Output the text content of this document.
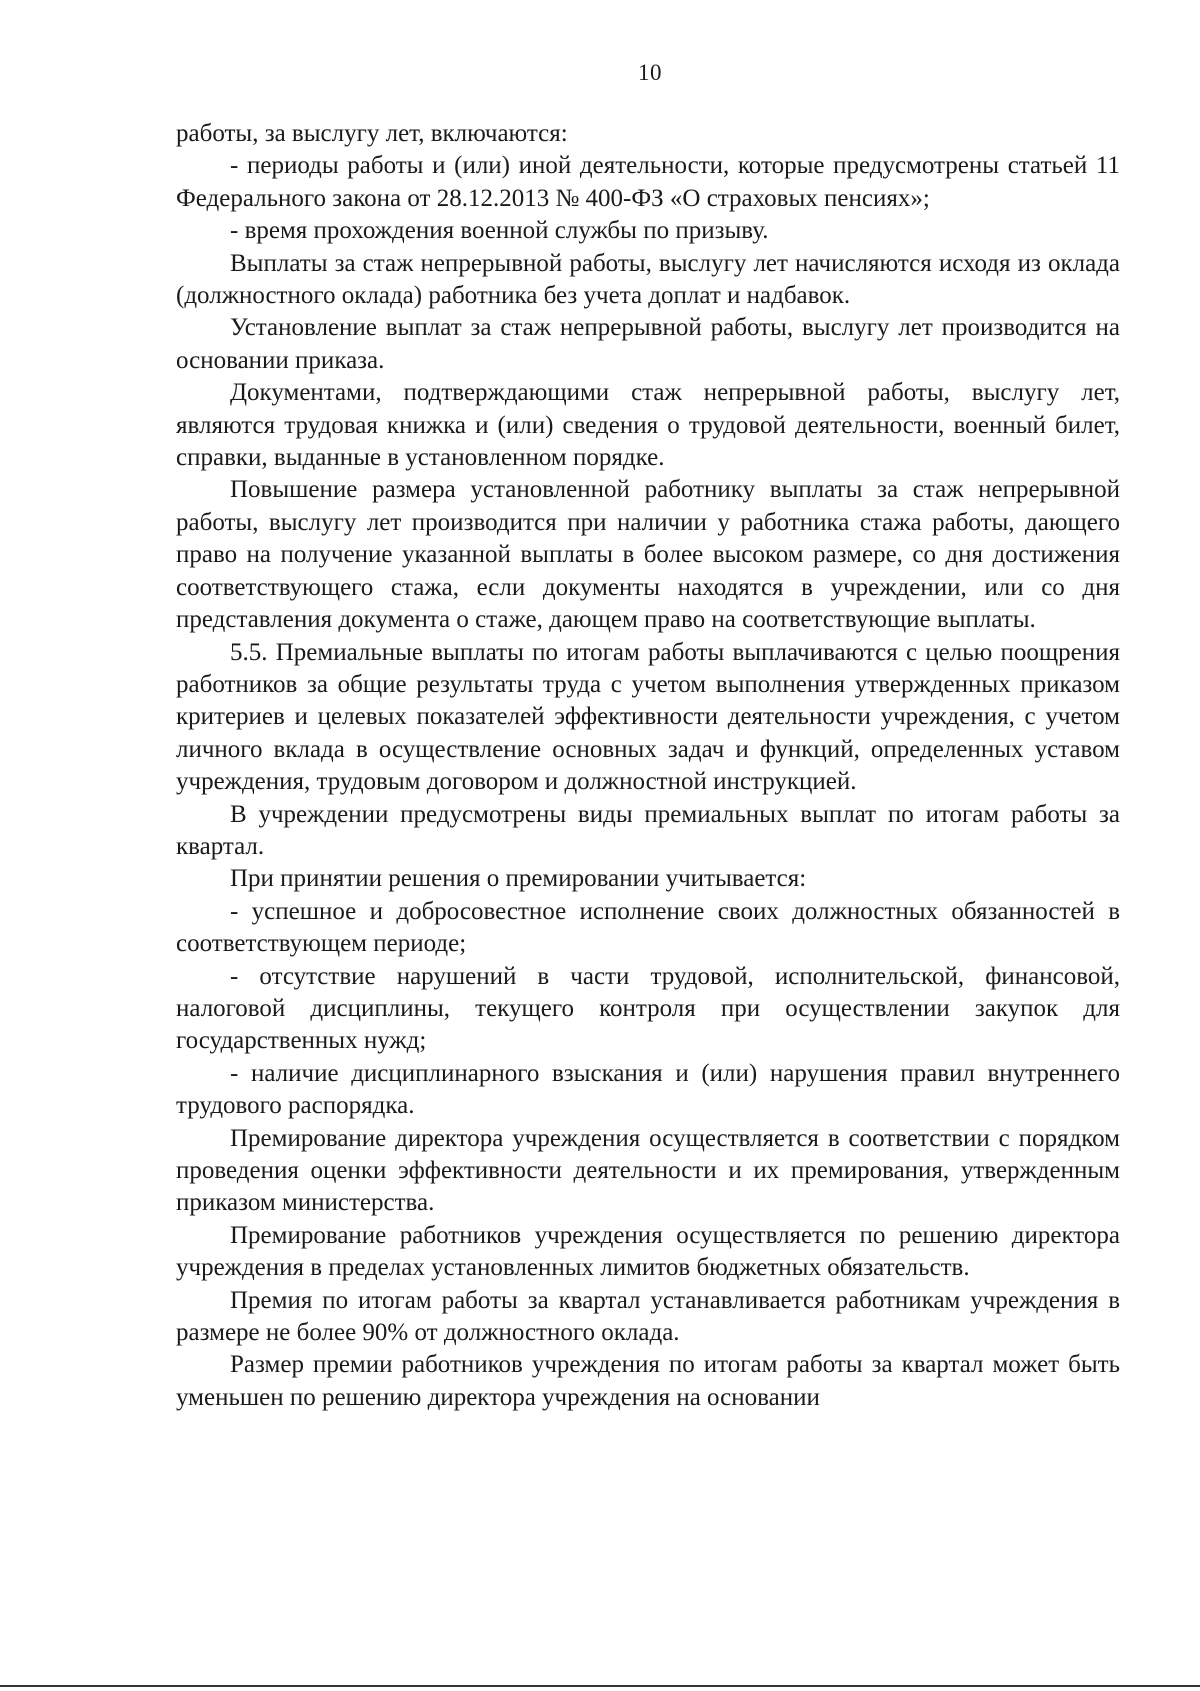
10

работы, за выслугу лет, включаются:

- периоды работы и (или) иной деятельности, которые предусмотрены статьей 11 Федерального закона от 28.12.2013 № 400-ФЗ «О страховых пенсиях»;

- время прохождения военной службы по призыву.

Выплаты за стаж непрерывной работы, выслугу лет начисляются исходя из оклада (должностного оклада) работника без учета доплат и надбавок.

Установление выплат за стаж непрерывной работы, выслугу лет производится на основании приказа.

Документами, подтверждающими стаж непрерывной работы, выслугу лет, являются трудовая книжка и (или) сведения о трудовой деятельности, военный билет, справки, выданные в установленном порядке.

Повышение размера установленной работнику выплаты за стаж непрерывной работы, выслугу лет производится при наличии у работника стажа работы, дающего право на получение указанной выплаты в более высоком размере, со дня достижения соответствующего стажа, если документы находятся в учреждении, или со дня представления документа о стаже, дающем право на соответствующие выплаты.

5.5. Премиальные выплаты по итогам работы выплачиваются с целью поощрения работников за общие результаты труда с учетом выполнения утвержденных приказом критериев и целевых показателей эффективности деятельности учреждения, с учетом личного вклада в осуществление основных задач и функций, определенных уставом учреждения, трудовым договором и должностной инструкцией.

В учреждении предусмотрены виды премиальных выплат по итогам работы за квартал.

При принятии решения о премировании учитывается:

- успешное и добросовестное исполнение своих должностных обязанностей в соответствующем периоде;

- отсутствие нарушений в части трудовой, исполнительской, финансовой, налоговой дисциплины, текущего контроля при осуществлении закупок для государственных нужд;

- наличие дисциплинарного взыскания и (или) нарушения правил внутреннего трудового распорядка.

Премирование директора учреждения осуществляется в соответствии с порядком проведения оценки эффективности деятельности и их премирования, утвержденным приказом министерства.

Премирование работников учреждения осуществляется по решению директора учреждения в пределах установленных лимитов бюджетных обязательств.

Премия по итогам работы за квартал устанавливается работникам учреждения в размере не более 90% от должностного оклада.

Размер премии работников учреждения по итогам работы за квартал может быть уменьшен по решению директора учреждения на основании
